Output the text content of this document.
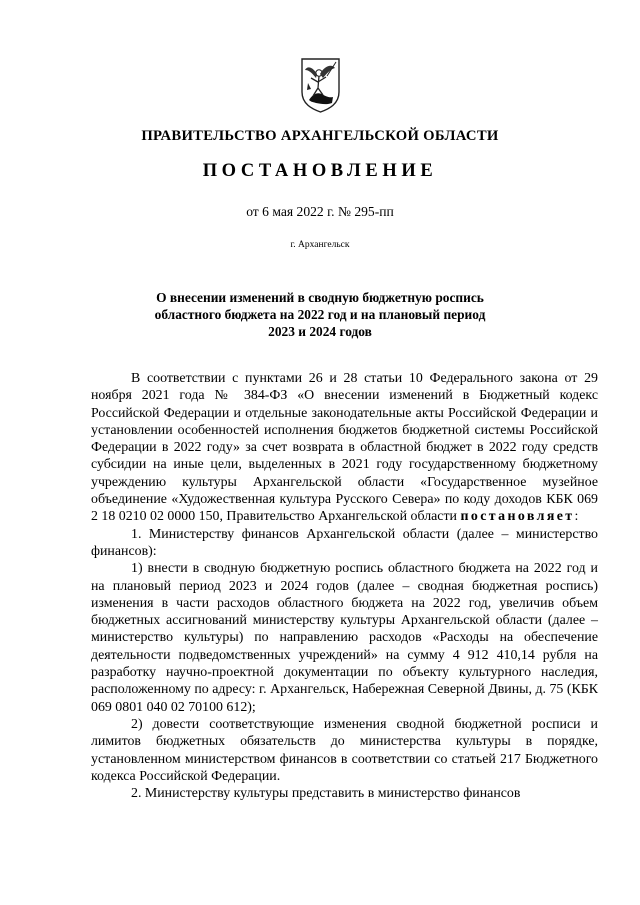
ПРАВИТЕЛЬСТВО АРХАНГЕЛЬСКОЙ ОБЛАСТИ
ПОСТАНОВЛЕНИЕ
от 6 мая 2022 г. № 295-пп
г. Архангельск
О внесении изменений в сводную бюджетную роспись
областного бюджета на 2022 год и на плановый период
2023 и 2024 годов

В соответствии с пунктами 26 и 28 статьи 10 Федерального закона от 29 ноября 2021 года № 384-ФЗ «О внесении изменений в Бюджетный кодекс Российской Федерации и отдельные законодательные акты Российской Федерации и установлении особенностей исполнения бюджетов бюджетной системы Российской Федерации в 2022 году» за счет возврата в областной бюджет в 2022 году средств субсидии на иные цели, выделенных в 2021 году государственному бюджетному учреждению культуры Архангельской области «Государственное музейное объединение «Художественная культура Русского Севера» по коду доходов КБК 069 2 18 0210 02 0000 150, Правительство Архангельской области постановляет:

1. Министерству финансов Архангельской области (далее – министерство финансов):

1) внести в сводную бюджетную роспись областного бюджета на 2022 год и на плановый период 2023 и 2024 годов (далее – сводная бюджетная роспись) изменения в части расходов областного бюджета на 2022 год, увеличив объем бюджетных ассигнований министерству культуры Архангельской области (далее – министерство культуры) по направлению расходов «Расходы на обеспечение деятельности подведомственных учреждений» на сумму 4 912 410,14 рубля на разработку научно-проектной документации по объекту культурного наследия, расположенному по адресу: г. Архангельск, Набережная Северной Двины, д. 75 (КБК 069 0801 040 02 70100 612);

2) довести соответствующие изменения сводной бюджетной росписи и лимитов бюджетных обязательств до министерства культуры в порядке, установленном министерством финансов в соответствии со статьей 217 Бюджетного кодекса Российской Федерации.

2. Министерству культуры представить в министерство финансов
